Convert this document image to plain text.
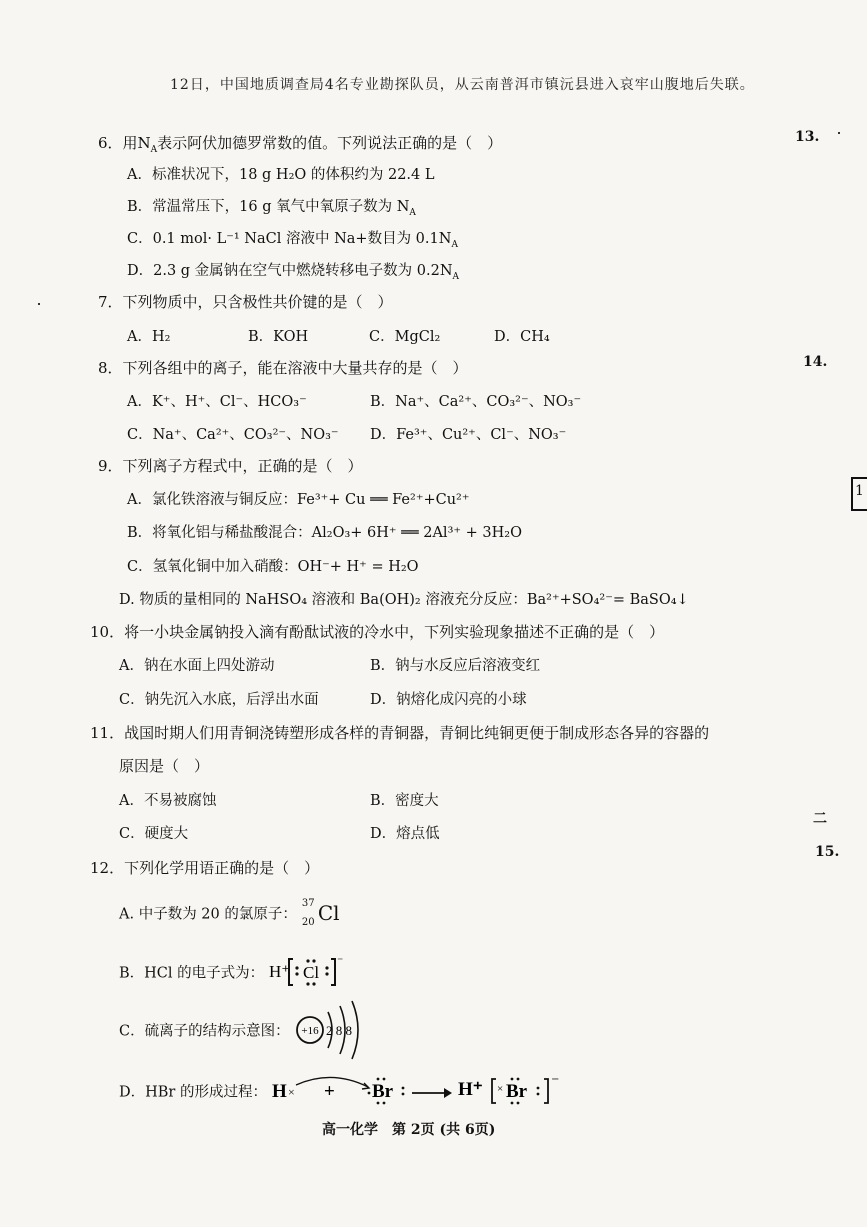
12日，中国地质调查局4名专业勘探队员，从云南普洱市镇沅县进入哀牢山腹地后失联。
13.
14.
1
二
15.
6．用$N_A$表示阿伏加德罗常数的值。下列说法正确的是（　）
A．标准状况下，18 g H₂O 的体积约为 22.4 L
B．常温常压下，16 g 氧气中氧原子数为 $N_A$
C．0.1 mol· L⁻¹ NaCl 溶液中 Na+数目为 $0.1N_A$
D．2.3 g 金属钠在空气中燃烧转移电子数为 $0.2N_A$
7．下列物质中，只含极性共价键的是（　）
A．H₂	B．KOH	C．MgCl₂	D．CH₄
8．下列各组中的离子，能在溶液中大量共存的是（　）
A．K⁺、H⁺、Cl⁻、HCO₃⁻	B．Na⁺、Ca²⁺、CO₃²⁻、NO₃⁻
C．Na⁺、Ca²⁺、CO₃²⁻、NO₃⁻ D．Fe³⁺、Cu²⁺、Cl⁻、NO₃⁻
9．下列离子方程式中，正确的是（　）
A．氯化铁溶液与铜反应：Fe³⁺+ Cu ══ Fe²⁺+Cu²⁺
B．将氧化铝与稀盐酸混合：Al₂O₃+ 6H⁺ ══ 2Al³⁺ + 3H₂O
C．氢氧化铜中加入硝酸：OH⁻+ H⁺ = H₂O
D. 物质的量相同的 NaHSO₄ 溶液和 Ba(OH)₂ 溶液充分反应：Ba²⁺+SO₄²⁻= BaSO₄↓
10．将一小块金属钠投入滴有酚酞试液的冷水中，下列实验现象描述不正确的是（　）
A．钠在水面上四处游动	B．钠与水反应后溶液变红
C．钠先沉入水底，后浮出水面	D．钠熔化成闪亮的小球
11．战国时期人们用青铜浇铸塑形成各样的青铜器，青铜比纯铜更便于制成形态各异的容器的
原因是（　）
A．不易被腐蚀	B．密度大
C．硬度大	D．熔点低
12．下列化学用语正确的是（　）
A. 中子数为 20 的氯原子：
37
20 Cl
B．HCl 的电子式为： H⁺ Cl
⁻
C．硫离子的结构示意图： +16 2 8 8
D．HBr 的形成过程： H × + Br	H⁺ × Br ⁻
高一化学　第 2页 (共 6页)
